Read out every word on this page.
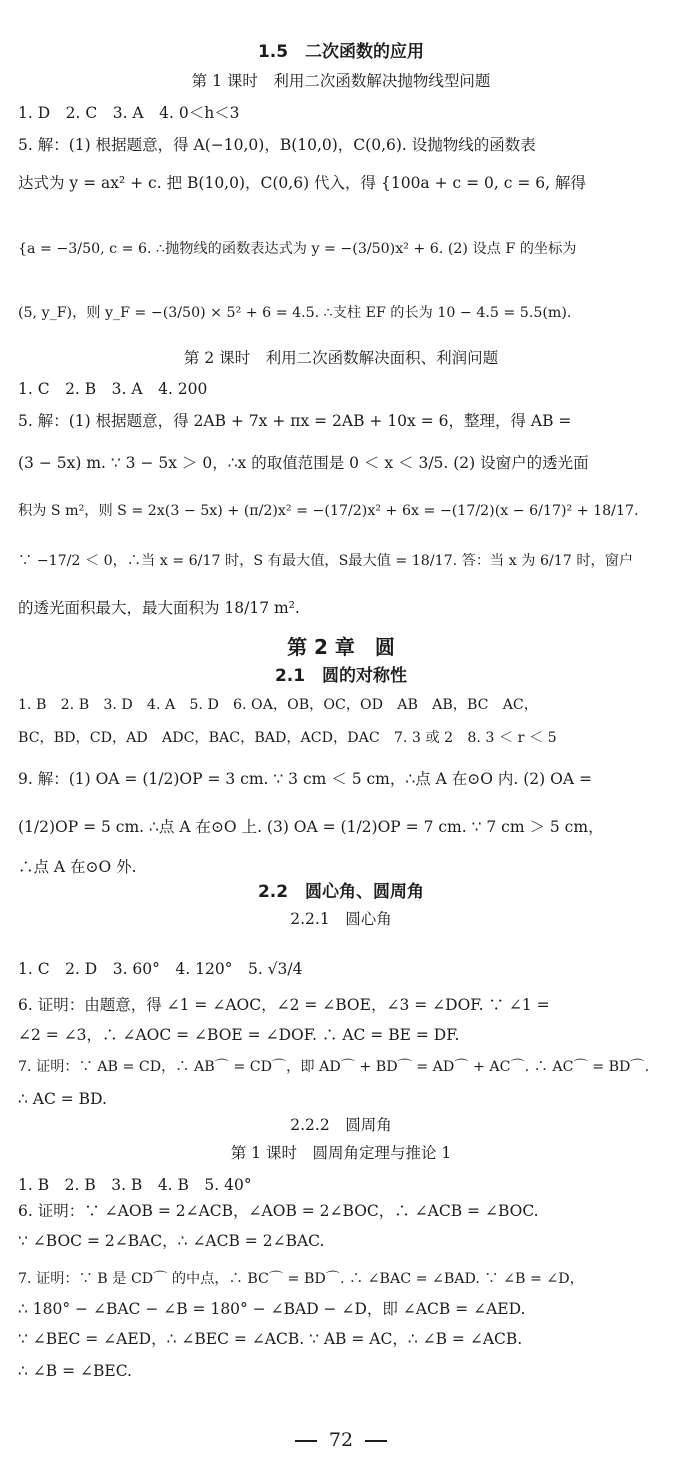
1.5　二次函数的应用
第 1 课时　利用二次函数解决抛物线型问题
1. D　2. C　3. A　4. 0＜h＜3
5. 解：(1) 根据题意，得 A(−10,0)，B(10,0)，C(0,6). 设抛物线的函数表
达式为 y = ax² + c. 把 B(10,0)，C(0,6) 代入，得 {100a + c = 0, c = 6, 解得
{a = −3/50, c = 6. ∴抛物线的函数表达式为 y = −(3/50)x² + 6. (2) 设点 F 的坐标为
(5, y_F)，则 y_F = −(3/50) × 5² + 6 = 4.5. ∴支柱 EF 的长为 10 − 4.5 = 5.5(m).
第 2 课时　利用二次函数解决面积、利润问题
1. C　2. B　3. A　4. 200
5. 解：(1) 根据题意，得 2AB + 7x + πx = 2AB + 10x = 6，整理，得 AB =
(3 − 5x) m. ∵ 3 − 5x ＞ 0，∴x 的取值范围是 0 ＜ x ＜ 3/5. (2) 设窗户的透光面
积为 S m²，则 S = 2x(3 − 5x) + (π/2)x² = −(17/2)x² + 6x = −(17/2)(x − 6/17)² + 18/17.
∵ −17/2 ＜ 0，∴当 x = 6/17 时，S 有最大值，S最大值 = 18/17. 答：当 x 为 6/17 时，窗户
的透光面积最大，最大面积为 18/17 m².
第 2 章　圆
2.1　圆的对称性
1. B　2. B　3. D　4. A　5. D　6. OA，OB，OC，OD　AB　AB，BC　AC，
BC，BD，CD，AD　ADC，BAC，BAD，ACD，DAC　7. 3 或 2　8. 3 ＜ r ＜ 5
9. 解：(1) OA = (1/2)OP = 3 cm. ∵ 3 cm ＜ 5 cm，∴点 A 在⊙O 内. (2) OA =
(1/2)OP = 5 cm. ∴点 A 在⊙O 上. (3) OA = (1/2)OP = 7 cm. ∵ 7 cm ＞ 5 cm，
∴点 A 在⊙O 外.
2.2　圆心角、圆周角
2.2.1　圆心角
1. C　2. D　3. 60°　4. 120°　5. √3/4
6. 证明：由题意，得 ∠1 = ∠AOC，∠2 = ∠BOE，∠3 = ∠DOF. ∵ ∠1 =
∠2 = ∠3，∴ ∠AOC = ∠BOE = ∠DOF. ∴ AC = BE = DF.
7. 证明：∵ AB = CD，∴ AB⌒ = CD⌒，即 AD⌒ + BD⌒ = AD⌒ + AC⌒. ∴ AC⌒ = BD⌒.
∴ AC = BD.
2.2.2　圆周角
第 1 课时　圆周角定理与推论 1
1. B　2. B　3. B　4. B　5. 40°
6. 证明：∵ ∠AOB = 2∠ACB，∠AOB = 2∠BOC，∴ ∠ACB = ∠BOC.
∵ ∠BOC = 2∠BAC，∴ ∠ACB = 2∠BAC.
7. 证明：∵ B 是 CD⌒ 的中点，∴ BC⌒ = BD⌒. ∴ ∠BAC = ∠BAD. ∵ ∠B = ∠D，
∴ 180° − ∠BAC − ∠B = 180° − ∠BAD − ∠D，即 ∠ACB = ∠AED.
∵ ∠BEC = ∠AED，∴ ∠BEC = ∠ACB. ∵ AB = AC，∴ ∠B = ∠ACB.
∴ ∠B = ∠BEC.
72
